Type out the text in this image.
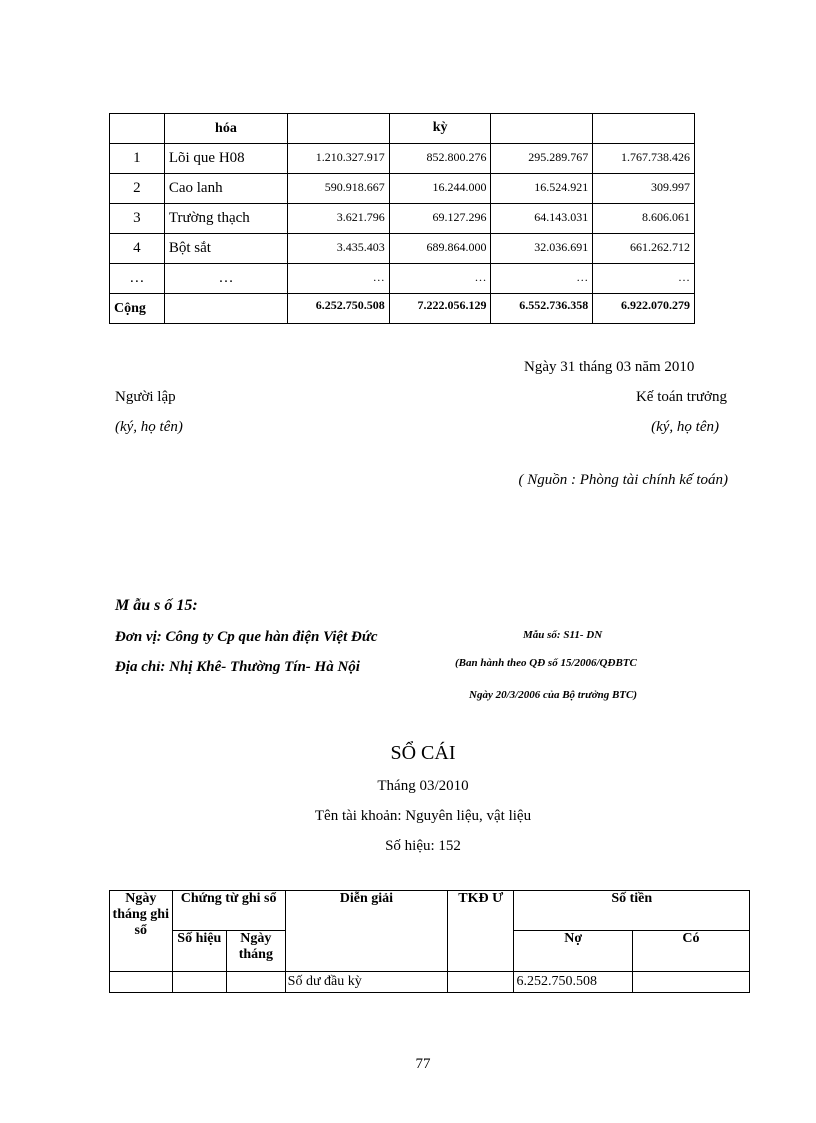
	hóa		kỳ		
1	Lõi que H08	1.210.327.917	852.800.276	295.289.767	1.767.738.426
2	Cao lanh	590.918.667	16.244.000	16.524.921	309.997
3	Trường thạch	3.621.796	69.127.296	64.143.031	8.606.061
4	Bột sắt	3.435.403	689.864.000	32.036.691	661.262.712
…	…	…	…	…	…
Cộng		6.252.750.508	7.222.056.129	6.552.736.358	6.922.070.279
Ngày 31 tháng 03 năm 2010
Người lập	Kế toán trưởng
(ký, họ tên)	(ký, họ tên)
( Nguồn : Phòng tài chính kế toán)
M ẫu s ố 15:
Đơn vị: Công ty Cp que hàn điện Việt Đức
Địa chỉ: Nhị Khê- Thường Tín- Hà Nội
Mẫu số: S11- DN
(Ban hành theo QĐ số 15/2006/QĐBTC
Ngày 20/3/2006 của Bộ trưởng BTC)
SỔ CÁI
Tháng 03/2010
Tên tài khoản: Nguyên liệu, vật liệu
Số hiệu: 152
Ngày tháng ghi sổ	Chứng từ ghi sổ		Diễn giải	TKĐ Ư	Số tiền	
	Số hiệu	Ngày tháng			Nợ	Có
			Số dư đầu kỳ		6.252.750.508	
77
